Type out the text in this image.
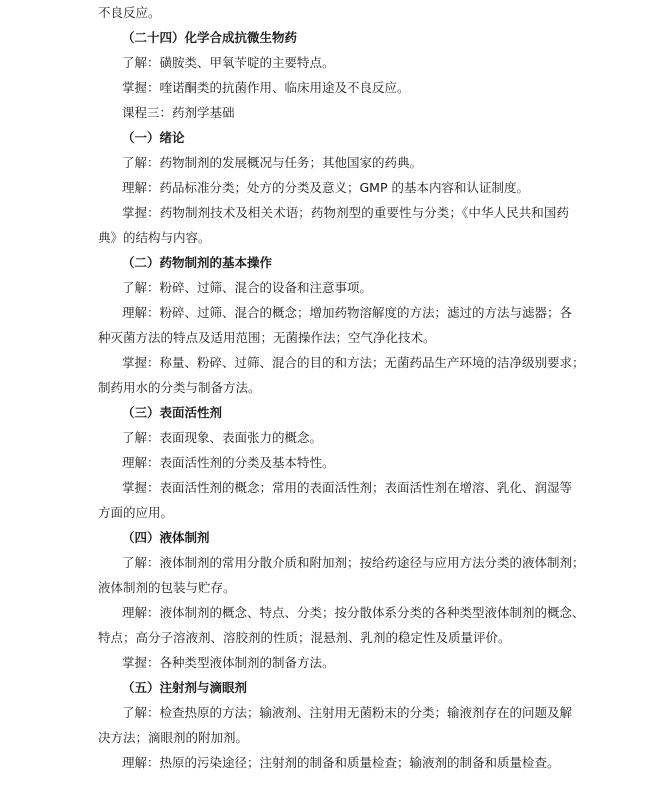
不良反应。
（二十四）化学合成抗微生物药
了解：磺胺类、甲氧苄啶的主要特点。
掌握：喹诺酮类的抗菌作用、临床用途及不良反应。
课程三：药剂学基础
（一）绪论
了解：药物制剂的发展概况与任务；其他国家的药典。
理解：药品标准分类；处方的分类及意义；GMP 的基本内容和认证制度。
掌握：药物制剂技术及相关术语；药物剂型的重要性与分类；《中华人民共和国药
典》的结构与内容。
（二）药物制剂的基本操作
了解：粉碎、过筛、混合的设备和注意事项。
理解：粉碎、过筛、混合的概念；增加药物溶解度的方法；滤过的方法与滤器；各
种灭菌方法的特点及适用范围；无菌操作法；空气净化技术。
掌握：称量、粉碎、过筛、混合的目的和方法；无菌药品生产环境的洁净级别要求；
制药用水的分类与制备方法。
（三）表面活性剂
了解：表面现象、表面张力的概念。
理解：表面活性剂的分类及基本特性。
掌握：表面活性剂的概念；常用的表面活性剂；表面活性剂在增溶、乳化、润湿等
方面的应用。
（四）液体制剂
了解：液体制剂的常用分散介质和附加剂；按给药途径与应用方法分类的液体制剂；
液体制剂的包装与贮存。
理解：液体制剂的概念、特点、分类；按分散体系分类的各种类型液体制剂的概念、
特点；高分子溶液剂、溶胶剂的性质；混悬剂、乳剂的稳定性及质量评价。
掌握：各种类型液体制剂的制备方法。
（五）注射剂与滴眼剂
了解：检查热原的方法；输液剂、注射用无菌粉末的分类；输液剂存在的问题及解
决方法；滴眼剂的附加剂。
理解：热原的污染途径；注射剂的制备和质量检查；输液剂的制备和质量检查。
